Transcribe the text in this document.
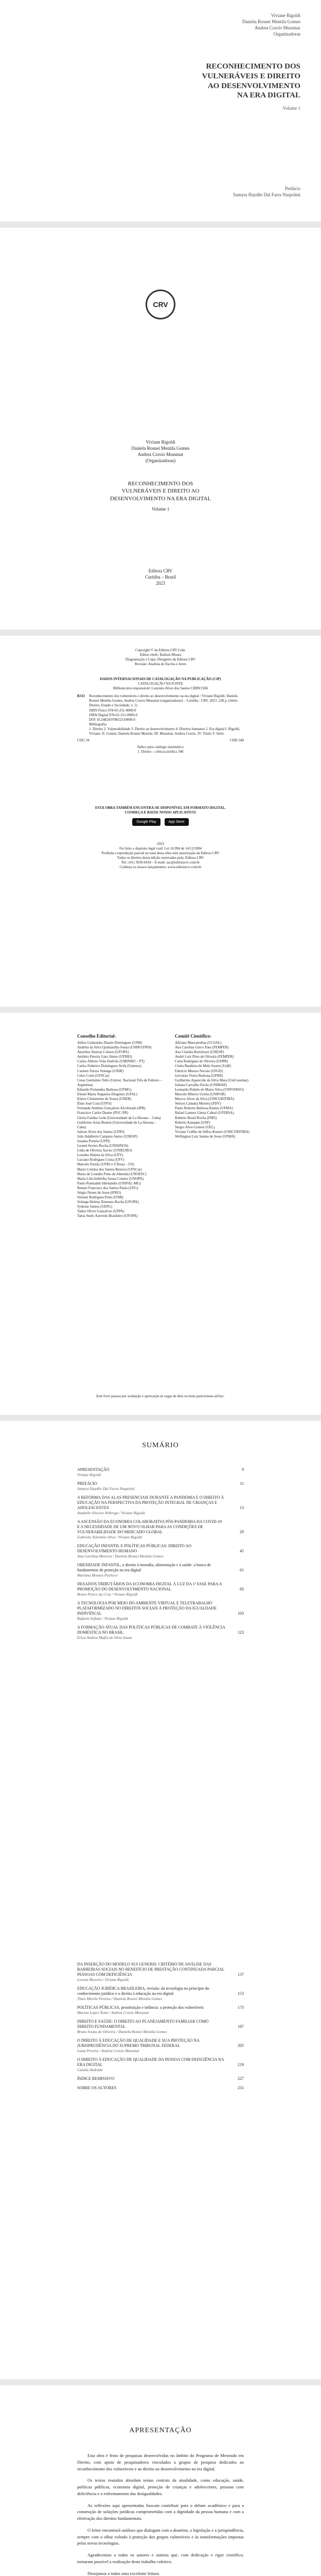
Viviane Rigoldi
Daniela Rosnei Mentila Gomes
Andrea Cravio Mussmar
Organizadoras
RECONHECIMENTO DOS
VULNERÁVEIS E DIREITO
AO DESENVOLVIMENTO
NA ERA DIGITAL
Volume 1
Prefácio
Samyra Haydêe Dal Farra Naspolini
CRV
Viviane Rigoldi
Daniela Rosnei Mentila Gomes
Andrea Cravio Mussmar
(Organizadoras)
RECONHECIMENTO DOS
VULNERÁVEIS E DIREITO AO
DESENVOLVIMENTO NA ERA DIGITAL
Volume 1
Editora CRV
Curitiba – Brasil
2023
Copyright © da Editora CRV Ltda.
Editor-chefe: Railson Moura
Diagramação e Capa: Designers da Editora CRV
Revisão: Analista de Escrita e Artes
DADOS INTERNACIONAIS DE CATALOGAÇÃO NA PUBLICAÇÃO (CIP)
CATALOGAÇÃO NA FONTE
Bibliotecária responsável: Luzenira Alves dos Santos CRB9/1506
R311 Reconhecimento dos vulneráveis e direito ao desenvolvimento na era digital / Viviane Rigoldi, Daniela Rosnei Mentila Gomes, Andrea Cravio Mussmar (organizadoras) – Curitiba : CRV, 2023. 238 p. (Série: Direito, Estado e Sociedade, v. 1)
ISBN Físico 978-65-251-0000-0
ISBN Digital 978-65-251-0000-0
DOI 10.24824/978652510000.0
Bibliografia
1. Direito 2. Vulnerabilidade 3. Direito ao desenvolvimento 4. Direitos humanos 5. Era digital I. Rigoldi, Viviane. II. Gomes, Daniela Rosnei Mentila. III. Mussmar, Andrea Cravio. IV. Título V. Série.
CDU 34	CDD 340
Índice para catálogo sistemático
1. Direito – ciência jurídica 340
ESTA OBRA TAMBÉM ENCONTRA-SE DISPONÍVEL EM FORMATO DIGITAL.
CONHEÇA E BAIXE NOSSO APLICATIVO!
Google Play	App Store
2023
Foi feito o depósito legal conf. Lei 10.994 de 14/12/2004
Proibida a reprodução parcial ou total desta obra sem autorização da Editora CRV
Todos os direitos desta edição reservados pela: Editora CRV
Tel.: (41) 3039-6418 – E-mail: sac@editoracrv.com.br
Conheça os nossos lançamentos: www.editoracrv.com.br
Conselho Editorial:
Aldira Guimarães Duarte Domínguez (UNB)
Andréia da Silva Quintanilha Sousa (UNIR/UFRN)
Anselmo Alencar Colares (UFOPA)
Antônio Pereira Gaio Júnior (UFRRJ)
Carlos Alberto Vilar Estêvão (UMINHO – PT)
Carlos Federico Dominguez Avila (Unieuro)
Carmen Tereza Velanga (UNIR)
Celso Conti (UFSCar)
Cesar Gerónimo Tello (Univer. Nacional Três de Febrero – Argentina)
Eduardo Fernandes Barbosa (UFMG)
Elione Maria Nogueira Diogenes (UFAL)
Elizeu Clementino de Souza (UNEB)
Élsio José Corá (UFFS)
Fernando Antônio Gonçalves Alcoforado (IPB)
Francisco Carlos Duarte (PUC-PR)
Gloria Fariñas León (Universidade de La Havana – Cuba)
Guillermo Arias Beatón (Universidade de La Havana – Cuba)
Jailson Alves dos Santos (UFRJ)
João Adalberto Campato Junior (UNESP)
Josania Portela (UFPI)
Leonel Severo Rocha (UNISINOS)
Lídia de Oliveira Xavier (UNIEURO)
Lourdes Helena da Silva (UFV)
Luciano Rodrigues Costa (UFV)
Marcelo Paixão (UFRJ e UTexas – US)
Maria Cristina dos Santos Bezerra (UFSCar)
Maria de Lourdes Pinto de Almeida (UNOESC)
Maria Lília Imbiriba Sousa Colares (UNOPA)
Paulo Romualdo Hernandes (UNIFAL-MG)
Renato Francisco dos Santos Paula (UFG)
Sérgio Nunes de Jesus (IFRO)
Simone Rodrigues Pinto (UNB)
Solange Helena Ximenes-Rocha (UFOPA)
Sydione Santos (UEPG)
Tadeu Oliver Gonçalves (UFPA)
Tania Suely Azevedo Brasileiro (UFOPA)
Comitê Científico:
Adriano Mascarenhas (UCSAL)
Ana Carolina Greco Paes (FEMPER)
Ana Claudia Bortolozzi (UNESP)
André Luiz Pires de Oliveira (FEMPER)
Carla Rodrigues de Oliveira (UFRR)
Cíntia Bandeira de Melo Soares (UnB)
Fabrício Muraro Novais (UFGD)
Gervásio Vieira Barbosa (UFRR)
Guilherme Aparecido da Silva Maia (UniCesumar)
Juliana Carvalho Pavão (UNIMAR)
Leonardo Rabelo de Matos Silva (UNIVERSO)
Marcelo Ribeiro Uchôa (UNIFOR)
Marcos Alves da Silva (UNICURITIBA)
Nelson Camatta Moreira (FDV)
Paulo Roberto Barbosa Ramos (UFMA)
Rafael Lamera Giesta Cabral (UFERSA)
Roberto Brasil Rocha (FMS)
Roberto Kanaane (USP)
Sergio Alves Gomes (UEL)
Viviane Coêlho de Séllos-Knoerr (UNICURITIBA)
Wellington Luiz Santos de Jesus (UFMA)
Este livro passou por avaliação e aprovação às cegas de dois ou mais pareceristas ad hoc.
SUMÁRIO
APRESENTAÇÃO	9
Viviane Rigoldi
PREFÁCIO	11
Samyra Haydêe Dal Farra Naspolini
A REFORMA DAS ALAS PRESENCIAIS DURANTE A PANDEMIA E O DIREITO À EDUCAÇÃO NA PERSPECTIVA DA PROTEÇÃO INTEGRAL DE CRIANÇAS E ADOLESCENTES	13
Anabelle Silveira Nóbrega / Viviane Rigoldi
A ASCENSÃO DA ECONOMIA COLABORATIVA PÓS-PANDEMIA DA COVID-19 E A NECESSIDADE DE UM NOVO OLHAR PARA AS CONDIÇÕES DE VULNERABILIDADE DO MERCADO GLOBAL	29
Gabriela Tolentino Silva / Viviane Rigoldi
EDUCAÇÃO INFANTIL E POLÍTICAS PÚBLICAS: DIREITO AO DESENVOLVIMENTO HUMANO	45
Ana Carolina Moreira / Daniela Rosnei Mentila Gomes
OBESIDADE INFANTIL, o direito à moradia, alimentação e à saúde: a busca de fundamentos de proteção na era digital	61
Mariana Moraes Pacheco
DESAFIOS TRIBUTÁRIOS DA ECONOMIA DIGITAL À LUZ DA 1ª FASE PARA A PROMOÇÃO DO DESENVOLVIMENTO NACIONAL	83
Bruno Peters da Cruz / Viviane Rigoldi
A TECNOLOGIA POR MEIO DO AMBIENTE VIRTUAL E TELETRABALHO PLATAFORMIZADO NO DIREITOS SOCIAIS À PROTEÇÃO DA IGUALDADE INDIVIDUAL	103
Rafaela Sofiatti / Viviane Rigoldi
A FORMAÇÃO ATUAL DAS POLÍTICAS PÚBLICAS DE COMBATE À VIOLÊNCIA DOMÉSTICA NO BRASIL	123
Erica Andrea Mafra de Silva Souza
DA INSERÇÃO DO MODELO SUI GENERIS: CRITÉRIO DE ANÁLISE DAS BARREIRAS SOCIAIS NO BENEFÍCIO DE PRESTAÇÃO CONTINUADA PARCIAL PESSOAS COM DEFICIÊNCIA	137
Lorena Moreira / Viviane Rigoldi
EDUCAÇÃO JURÍDICA BRASILEIRA, revisão: da tecnologia no princípio do conhecimento jurídico e o direito à educação na era digital	153
Thaís Mirelle Pereira / Daniela Rosnei Mentila Gomes
POLÍTICAS PÚBLICAS, prostituição e infância: a proteção dos vulneráveis	173
Marina Lopes Tomé / Andrea Cravio Mussmar
DIREITO E SAÚDE: O DIREITO AO PLANEJAMENTO FAMILIAR COMO DIREITO FUNDAMENTAL	187
Bruno Souza de Oliveira / Daniela Rosnei Mentila Gomes
O DIREITO À EDUCAÇÃO DE QUALIDADE E SUA PROTEÇÃO NA JURISPRUDÊNCIA DO SUPREMO TRIBUNAL FEDERAL	205
Luiza Pereira / Andrea Cravio Mussmar
O DIREITO À EDUCAÇÃO DE QUALIDADE DA PESSOA COM DEFICIÊNCIA NA ERA DIGITAL	219
Camila Andrade
ÍNDICE REMISSIVO	227
SOBRE OS AUTORES	231
APRESENTAÇÃO

Esta obra é fruto de pesquisas desenvolvidas no âmbito do Programa de Mestrado em Direito, com apoio de pesquisadores vinculados a grupos de pesquisa dedicados ao reconhecimento dos vulneráveis e ao direito ao desenvolvimento na era digital.

Os textos reunidos abordam temas centrais da atualidade, como educação, saúde, políticas públicas, economia digital, proteção de crianças e adolescentes, pessoas com deficiência e o enfrentamento das desigualdades.

As reflexões aqui apresentadas buscam contribuir para o debate acadêmico e para a construção de soluções jurídicas comprometidas com a dignidade da pessoa humana e com a efetivação dos direitos fundamentais.

O leitor encontrará análises que dialogam com a doutrina, a legislação e a jurisprudência, sempre com o olhar voltado à proteção dos grupos vulneráveis e às transformações impostas pelas novas tecnologias.

Agradecemos a todos os autores e autoras que, com dedicação e rigor científico, tornaram possível a realização deste trabalho coletivo.

Desejamos a todos uma excelente leitura.
